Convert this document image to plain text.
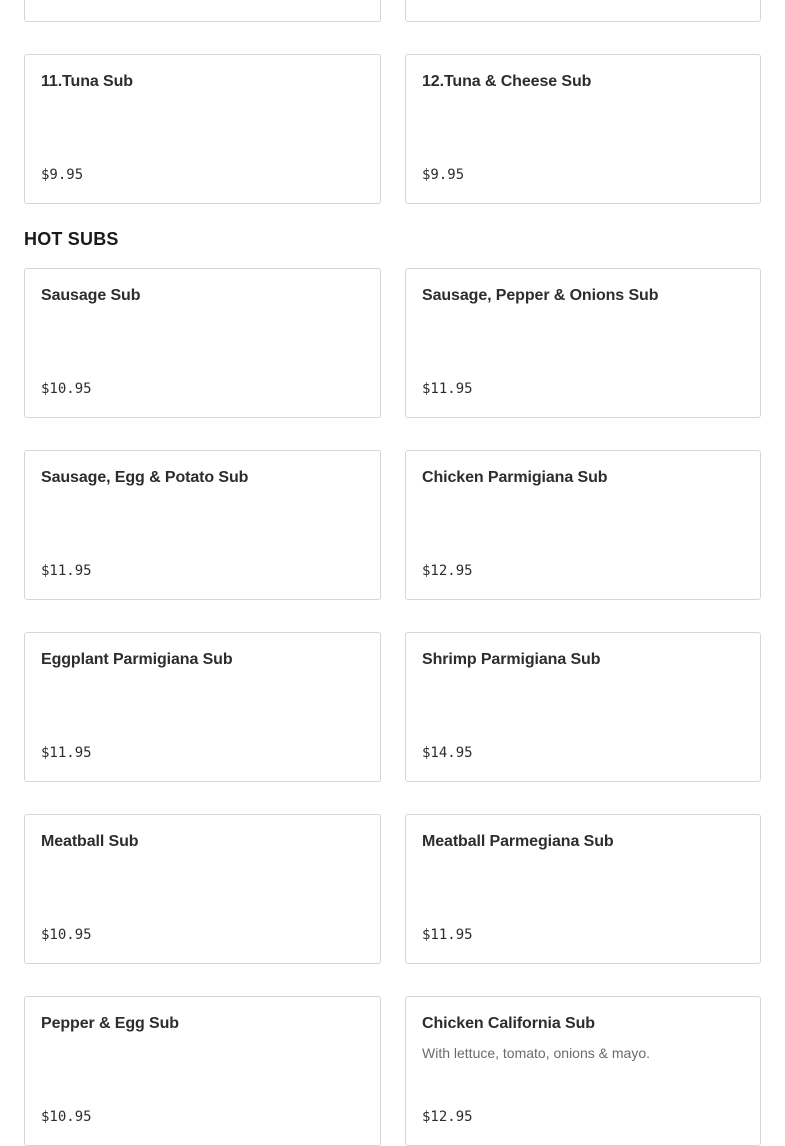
11.Tuna Sub
$9.95
12.Tuna & Cheese Sub
$9.95
HOT SUBS
Sausage Sub
$10.95
Sausage, Pepper & Onions Sub
$11.95
Sausage, Egg & Potato Sub
$11.95
Chicken Parmigiana Sub
$12.95
Eggplant Parmigiana Sub
$11.95
Shrimp Parmigiana Sub
$14.95
Meatball Sub
$10.95
Meatball Parmegiana Sub
$11.95
Pepper & Egg Sub
$10.95
Chicken California Sub
With lettuce, tomato, onions & mayo.
$12.95
